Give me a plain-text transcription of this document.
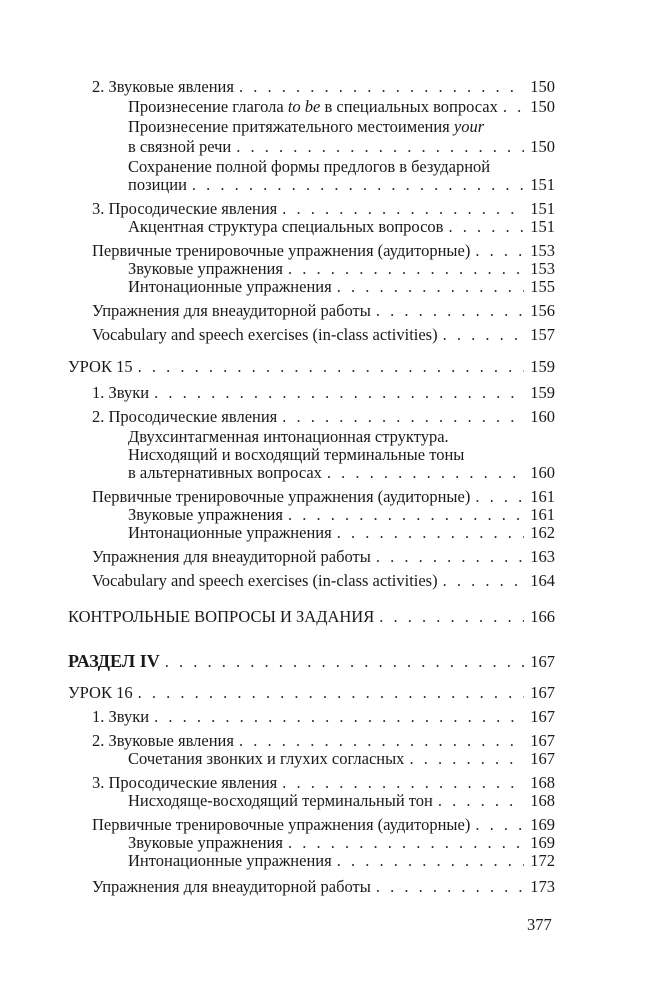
2. Звуковые явления . . .	150
Произнесение глагола to be в специальных вопросах . . . 150
Произнесение притяжательного местоимения your
в связной речи . . .	150
Сохранение полной формы предлогов в безударной
позиции . . .	151
3. Просодические явления . . .	151
Акцентная структура специальных вопросов . . .	151
Первичные тренировочные упражнения (аудиторные) . . .	153
Звуковые упражнения . . .	153
Интонационные упражнения . . .	155
Упражнения для внеаудиторной работы . . .	156
Vocabulary and speech exercises (in-class activities) . . .	157
УРОК 15 . . .	159
1. Звуки . . .	159
2. Просодические явления . . .	160
Двухсинтагменная интонационная структура.
Нисходящий и восходящий терминальные тоны
в альтернативных вопросах . . .	160
Первичные тренировочные упражнения (аудиторные) . . .	161
Звуковые упражнения . . .	161
Интонационные упражнения . . .	162
Упражнения для внеаудиторной работы . . .	163
Vocabulary and speech exercises (in-class activities) . . .	164
КОНТРОЛЬНЫЕ ВОПРОСЫ И ЗАДАНИЯ . . .	166
РАЗДЕЛ IV . . .	167
УРОК 16 . . .	167
1. Звуки . . .	167
2. Звуковые явления . . .	167
Сочетания звонких и глухих согласных . . .	167
3. Просодические явления . . .	168
Нисходяще-восходящий терминальный тон . . .	168
Первичные тренировочные упражнения (аудиторные) . . .	169
Звуковые упражнения . . .	169
Интонационные упражнения . . .	172
Упражнения для внеаудиторной работы . . .	173
377
